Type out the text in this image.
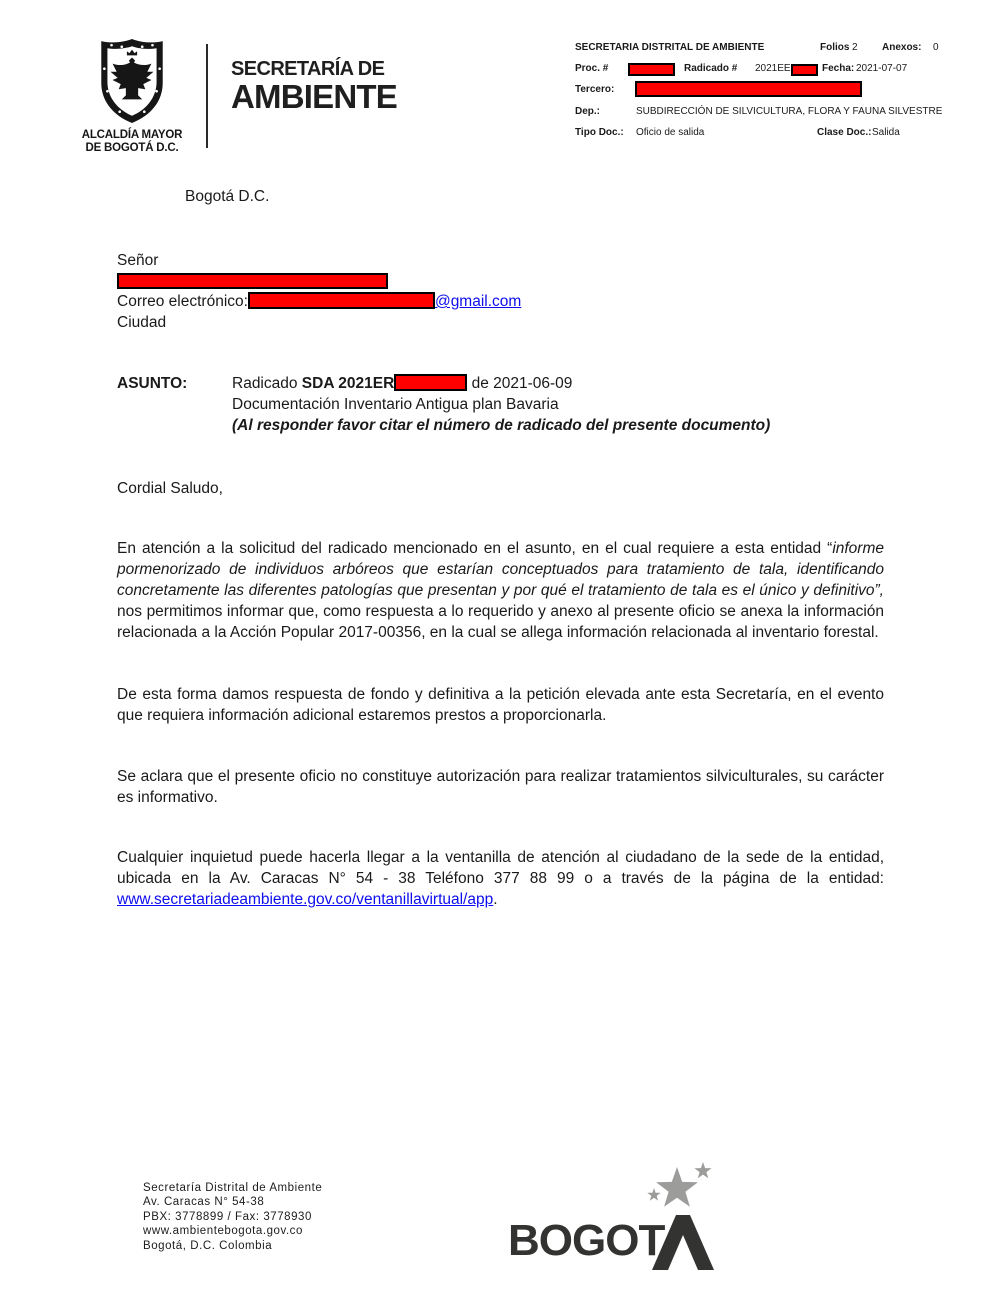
ALCALDÍA MAYOR
DE BOGOTÁ D.C.
SECRETARÍA DE
AMBIENTE
SECRETARIA DISTRITAL DE AMBIENTE	Folios 2 Anexos: 0
Proc. #	Radicado # 2021EE	Fecha: 2021-07-07
Tercero:
Dep.:	SUBDIRECCIÓN DE SILVICULTURA, FLORA Y FAUNA SILVESTRE
Tipo Doc.: Oficio de salida	Clase Doc.: Salida

Bogotá D.C.

Señor

Correo electrónico:	@gmail.com

Ciudad

ASUNTO:	Radicado SDA 2021ER	de 2021-06-09

Documentación Inventario Antigua plan Bavaria

(Al responder favor citar el número de radicado del presente documento)

Cordial Saludo,

En atención a la solicitud del radicado mencionado en el asunto, en el cual requiere a esta entidad “informe pormenorizado de individuos arbóreos que estarían conceptuados para tratamiento de tala, identificando concretamente las diferentes patologías que presentan y por qué el tratamiento de tala es el único y definitivo”, nos permitimos informar que, como respuesta a lo requerido y anexo al presente oficio se anexa la información relacionada a la Acción Popular 2017-00356, en la cual se allega información relacionada al inventario forestal.

De esta forma damos respuesta de fondo y definitiva a la petición elevada ante esta Secretaría, en el evento que requiera información adicional estaremos prestos a proporcionarla.

Se aclara que el presente oficio no constituye autorización para realizar tratamientos silviculturales, su carácter es informativo.

Cualquier inquietud puede hacerla llegar a la ventanilla de atención al ciudadano de la sede de la entidad, ubicada en la Av. Caracas N° 54 - 38 Teléfono 377 88 99 o a través de la página de la entidad: www.secretariadeambiente.gov.co/ventanillavirtual/app.

Secretaría Distrital de Ambiente
Av. Caracas N° 54-38
PBX: 3778899 / Fax: 3778930
www.ambientebogota.gov.co
Bogotá, D.C. Colombia	BOGOT
